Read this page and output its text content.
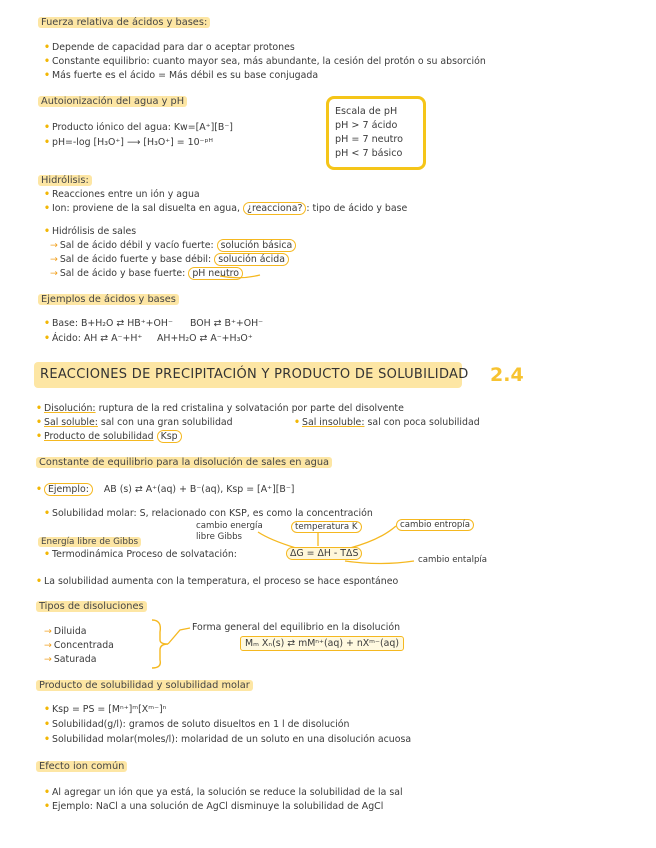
Fuerza relativa de ácidos y bases:
• Depende de capacidad para dar o aceptar protones
• Constante equilibrio: cuanto mayor sea, más abundante, la cesión del protón o su absorción
• Más fuerte es el ácido = Más débil es su base conjugada
Autoionización del agua y pH
• Producto iónico del agua: Kw=[A⁺][B⁻]
• pH=-log [H₃O⁺] ⟶ [H₃O⁺] = 10⁻ᵖᴴ
Escala de pH
pH > 7 ácido
pH = 7 neutro
pH < 7 básico
Hidrólisis:
• Reacciones entre un ión y agua
• Ion: proviene de la sal disuelta en agua, ¿reacciona? : tipo de ácido y base
• Hidrólisis de sales
→ Sal de ácido débil y vacío fuerte: solución básica
→ Sal de ácido fuerte y base débil: solución ácida
→ Sal de ácido y base fuerte: pH neutro
Ejemplos de ácidos y bases
• Base: B+H₂O ⇄ HB⁺+OH⁻ BOH ⇄ B⁺+OH⁻
• Ácido: AH ⇄ A⁻+H⁺ AH+H₂O ⇄ A⁻+H₃O⁺
REACCIONES DE PRECIPITACIÓN Y PRODUCTO DE SOLUBILIDAD 2.4
• Disolución: ruptura de la red cristalina y solvatación por parte del disolvente
• Sal soluble: sal con una gran solubilidad	• Sal insoluble: sal con poca solubilidad
• Producto de solubilidad Ksp
Constante de equilibrio para la disolución de sales en agua
• Ejemplo: AB (s) ⇄ A⁺(aq) + B⁻(aq), Ksp = [A⁺][B⁻]
• Solubilidad molar: S, relacionado con KSP, es como la concentración
cambio energía libre Gibbs
temperatura K	cambio entropía
Energía libre de Gibbs
• Termodinámica Proceso de solvatación:	ΔG = ΔH - TΔS
cambio entalpía
• La solubilidad aumenta con la temperatura, el proceso se hace espontáneo
Tipos de disoluciones
→ Diluida
→ Concentrada
→ Saturada
Forma general del equilibrio en la disolución
Mₘ Xₙ(s) ⇄ mMⁿ⁺(aq) + nXᵐ⁻(aq)
Producto de solubilidad y solubilidad molar
• Ksp = PS = [Mⁿ⁺]ᵐ[Xᵐ⁻]ⁿ
• Solubilidad(g/l): gramos de soluto disueltos en 1 l de disolución
• Solubilidad molar(moles/l): molaridad de un soluto en una disolución acuosa
Efecto ion común
• Al agregar un ión que ya está, la solución se reduce la solubilidad de la sal
• Ejemplo: NaCl a una solución de AgCl disminuye la solubilidad de AgCl
